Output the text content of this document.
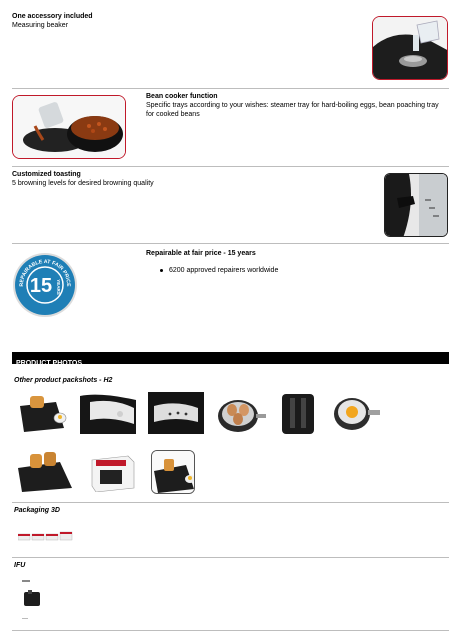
One accessory included
Measuring beaker
Bean cooker function
Specific trays according to your wishes: steamer tray for hard-boiling eggs, bean poaching tray for cooked beans
Customized toasting
5 browning levels for desired browning quality
REPAIRABLE AT FAIR PRICE
15 YEARS
Repairable at fair price - 15 years
6200 approved repairers worldwide
PRODUCT PHOTOS
Other product packshots - H2
Packaging 3D
IFU
